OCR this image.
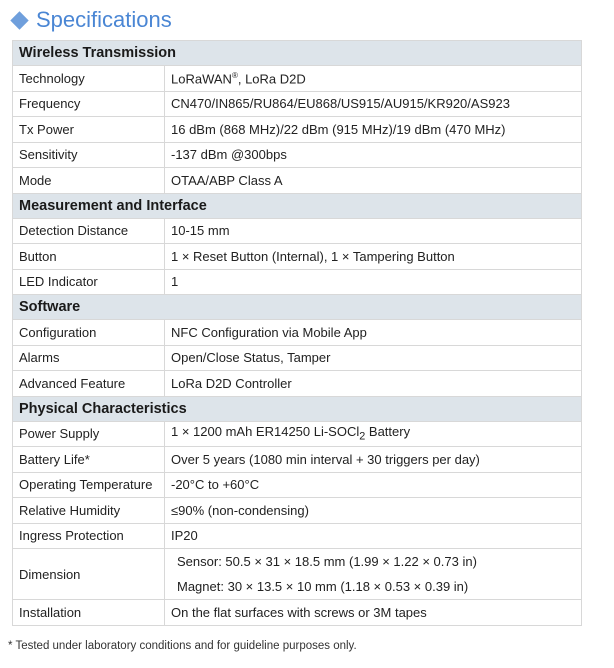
Specifications
Wireless Transmission	
Technology	LoRaWAN®, LoRa D2D
Frequency	CN470/IN865/RU864/EU868/US915/AU915/KR920/AS923
Tx Power	16 dBm (868 MHz)/22 dBm (915 MHz)/19 dBm (470 MHz)
Sensitivity	-137 dBm @300bps
Mode	OTAA/ABP Class A
Measurement and Interface	
Detection Distance	10-15 mm
Button	1 × Reset Button (Internal), 1 × Tampering Button
LED Indicator	1
Software	
Configuration	NFC Configuration via Mobile App
Alarms	Open/Close Status, Tamper
Advanced Feature	LoRa D2D Controller
Physical Characteristics	
Power Supply	1 × 1200 mAh ER14250 Li-SOCl$_2$ Battery
Battery Life*	Over 5 years (1080 min interval + 30 triggers per day)
Operating Temperature	-20°C to +60°C
Relative Humidity	≤90% (non-condensing)
Ingress Protection	IP20
Dimension	Sensor: 50.5 × 31 × 18.5 mm (1.99 × 1.22 × 0.73 in)
Magnet: 30 × 13.5 × 10 mm (1.18 × 0.53 × 0.39 in)

Installation	On the flat surfaces with screws or 3M tapes
* Tested under laboratory conditions and for guideline purposes only.
